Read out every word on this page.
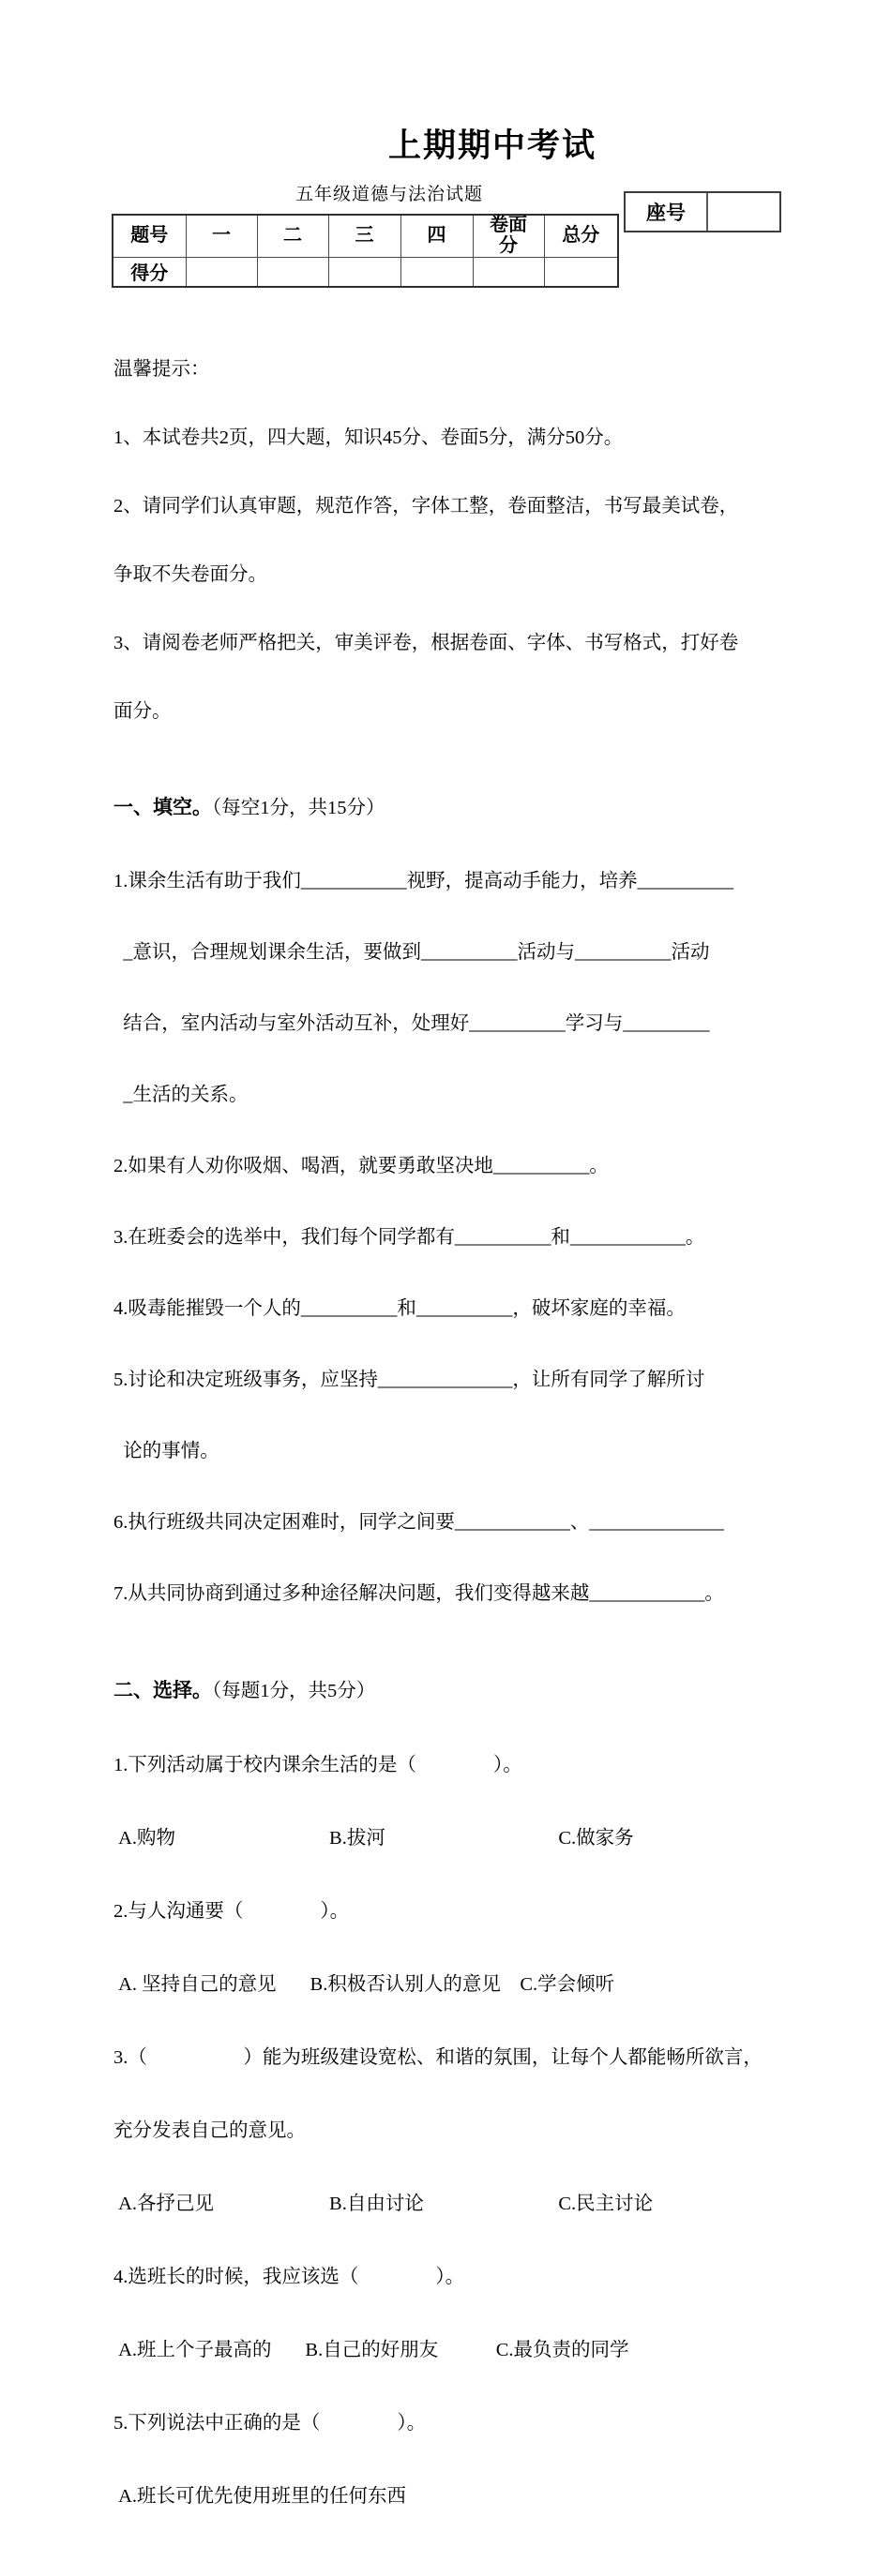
上期期中考试
五年级道德与法治试题
座号
题号	一	二	三	四	卷面分	总分
得分						

温馨提示：

1、本试卷共2页，四大题，知识45分、卷面5分，满分50分。

2、请同学们认真审题，规范作答，字体工整，卷面整洁，书写最美试卷，

争取不失卷面分。

3、请阅卷老师严格把关，审美评卷，根据卷面、字体、书写格式，打好卷

面分。

一、填空。（每空1分，共15分）

1.课余生活有助于我们___________视野，提高动手能力，培养__________

_意识，合理规划课余生活，要做到__________活动与__________活动

结合，室内活动与室外活动互补，处理好__________学习与_________

_生活的关系。

2.如果有人劝你吸烟、喝酒，就要勇敢坚决地__________。

3.在班委会的选举中，我们每个同学都有__________和____________。

4.吸毒能摧毁一个人的__________和__________，破坏家庭的幸福。

5.讨论和决定班级事务，应坚持______________，让所有同学了解所讨

论的事情。

6.执行班级共同决定困难时，同学之间要____________、______________

7.从共同协商到通过多种途径解决问题，我们变得越来越____________。

二、选择。（每题1分，共5分）

1.下列活动属于校内课余生活的是（　　　　）。

A.购物　　　　　　　　B.拔河　　　　　　　　　C.做家务

2.与人沟通要（　　　　）。

A. 坚持自己的意见       B.积极否认别人的意见    C.学会倾听

3.（　　　　　）能为班级建设宽松、和谐的氛围，让每个人都能畅所欲言，

充分发表自己的意见。

A.各抒己见　　　　　　B.自由讨论　　　　　　　C.民主讨论

4.选班长的时候，我应该选（　　　　）。

A.班上个子最高的       B.自己的好朋友            C.最负责的同学

5.下列说法中正确的是（　　　　）。

A.班长可优先使用班里的任何东西
